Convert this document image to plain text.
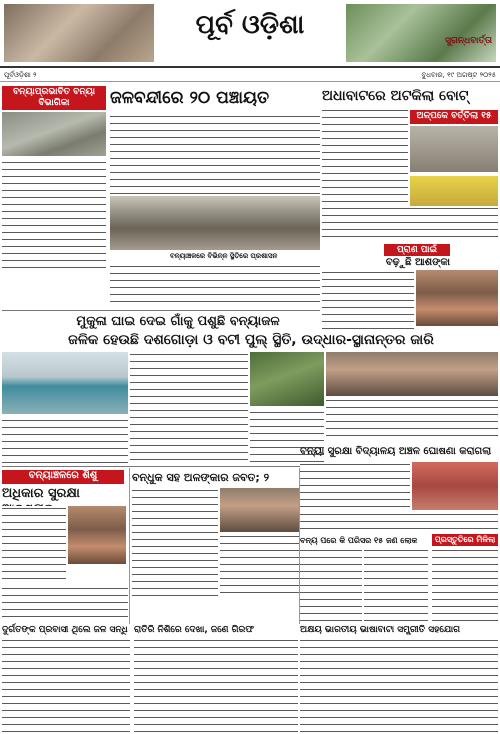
ପୂର୍ବ ଓଡ଼ିଶା
ସୁଗନ୍ଧବାର୍ତ୍ତା
ପୂର୍ବଓଡ଼ିଶା ୨	ବୁଧବାର, ୧୯ ଅଗଷ୍ଟ ୨୦୨୫
ବନ୍ୟାପ୍ରଭାବିତ ବନ୍ୟା ବିଭାଗିକା	ଜଳବନ୍ଦୀରେ ୨୦ ପଞ୍ଚାୟତ
ବନ୍ୟାଞ୍ଚଳରେ ବିଭିନ୍ନ ସ୍ଥିତିରେ ପ୍ରଶାସନ
ଅଧାବାଟରେ ଅଟକିଲା ବୋଟ୍
ଅଳ୍ପକେ ବର୍ତ୍ତିଲା ୧୫
ପ୍ରାଣ ପାଇଁ
ବଢ଼ୁଛି ଆଶଙ୍କା
ମୁକୁଳା ଘାଇ ଦେଇ ଗାଁକୁ ପଶୁଛି ବନ୍ୟାଜଳ
ଜଳିକ ହେଉଛି ଦଶଗୋଡ଼ା ଓ ବଟୀ ପୁଲ୍ ସ୍ଥିତି, ଉଦ୍ଧାର-ସ୍ଥାନାନ୍ତର ଜାରି
ବନ୍ୟା ସୁରକ୍ଷା ବିଦ୍ୟାଳୟ ଅଞ୍ଚଳ ଘୋଷଣା କରାଗଲା
ବନ୍ୟାଞ୍ଚଳରେ ଶିଶୁ
ଅଧିକାର ସୁରକ୍ଷା
ବନ୍ଧୁକ ସହ ଅଳଙ୍କାର ଜବତ; ୨
ବନ୍ୟ ପରେ କି ପରିସର ୧୫ ଜଣ ଲୋକ	ପ୍ରସ୍ତୁତିରେ ମିଳିଲା
ଦୁର୍ଗତଙ୍କ ପ୍ରବାସୀ ଥିଲେ ଜଳ ସନ୍ଧି ରାତିରି ନିଶିରେ ଦେଖା, ଜଣେ ଗିରଫ	ଅକ୍ଷୟ ଭାରତୀୟ ଭାଷାବାଟା ସମ୍ପ୍ରୀତି ସହଯୋଗ
